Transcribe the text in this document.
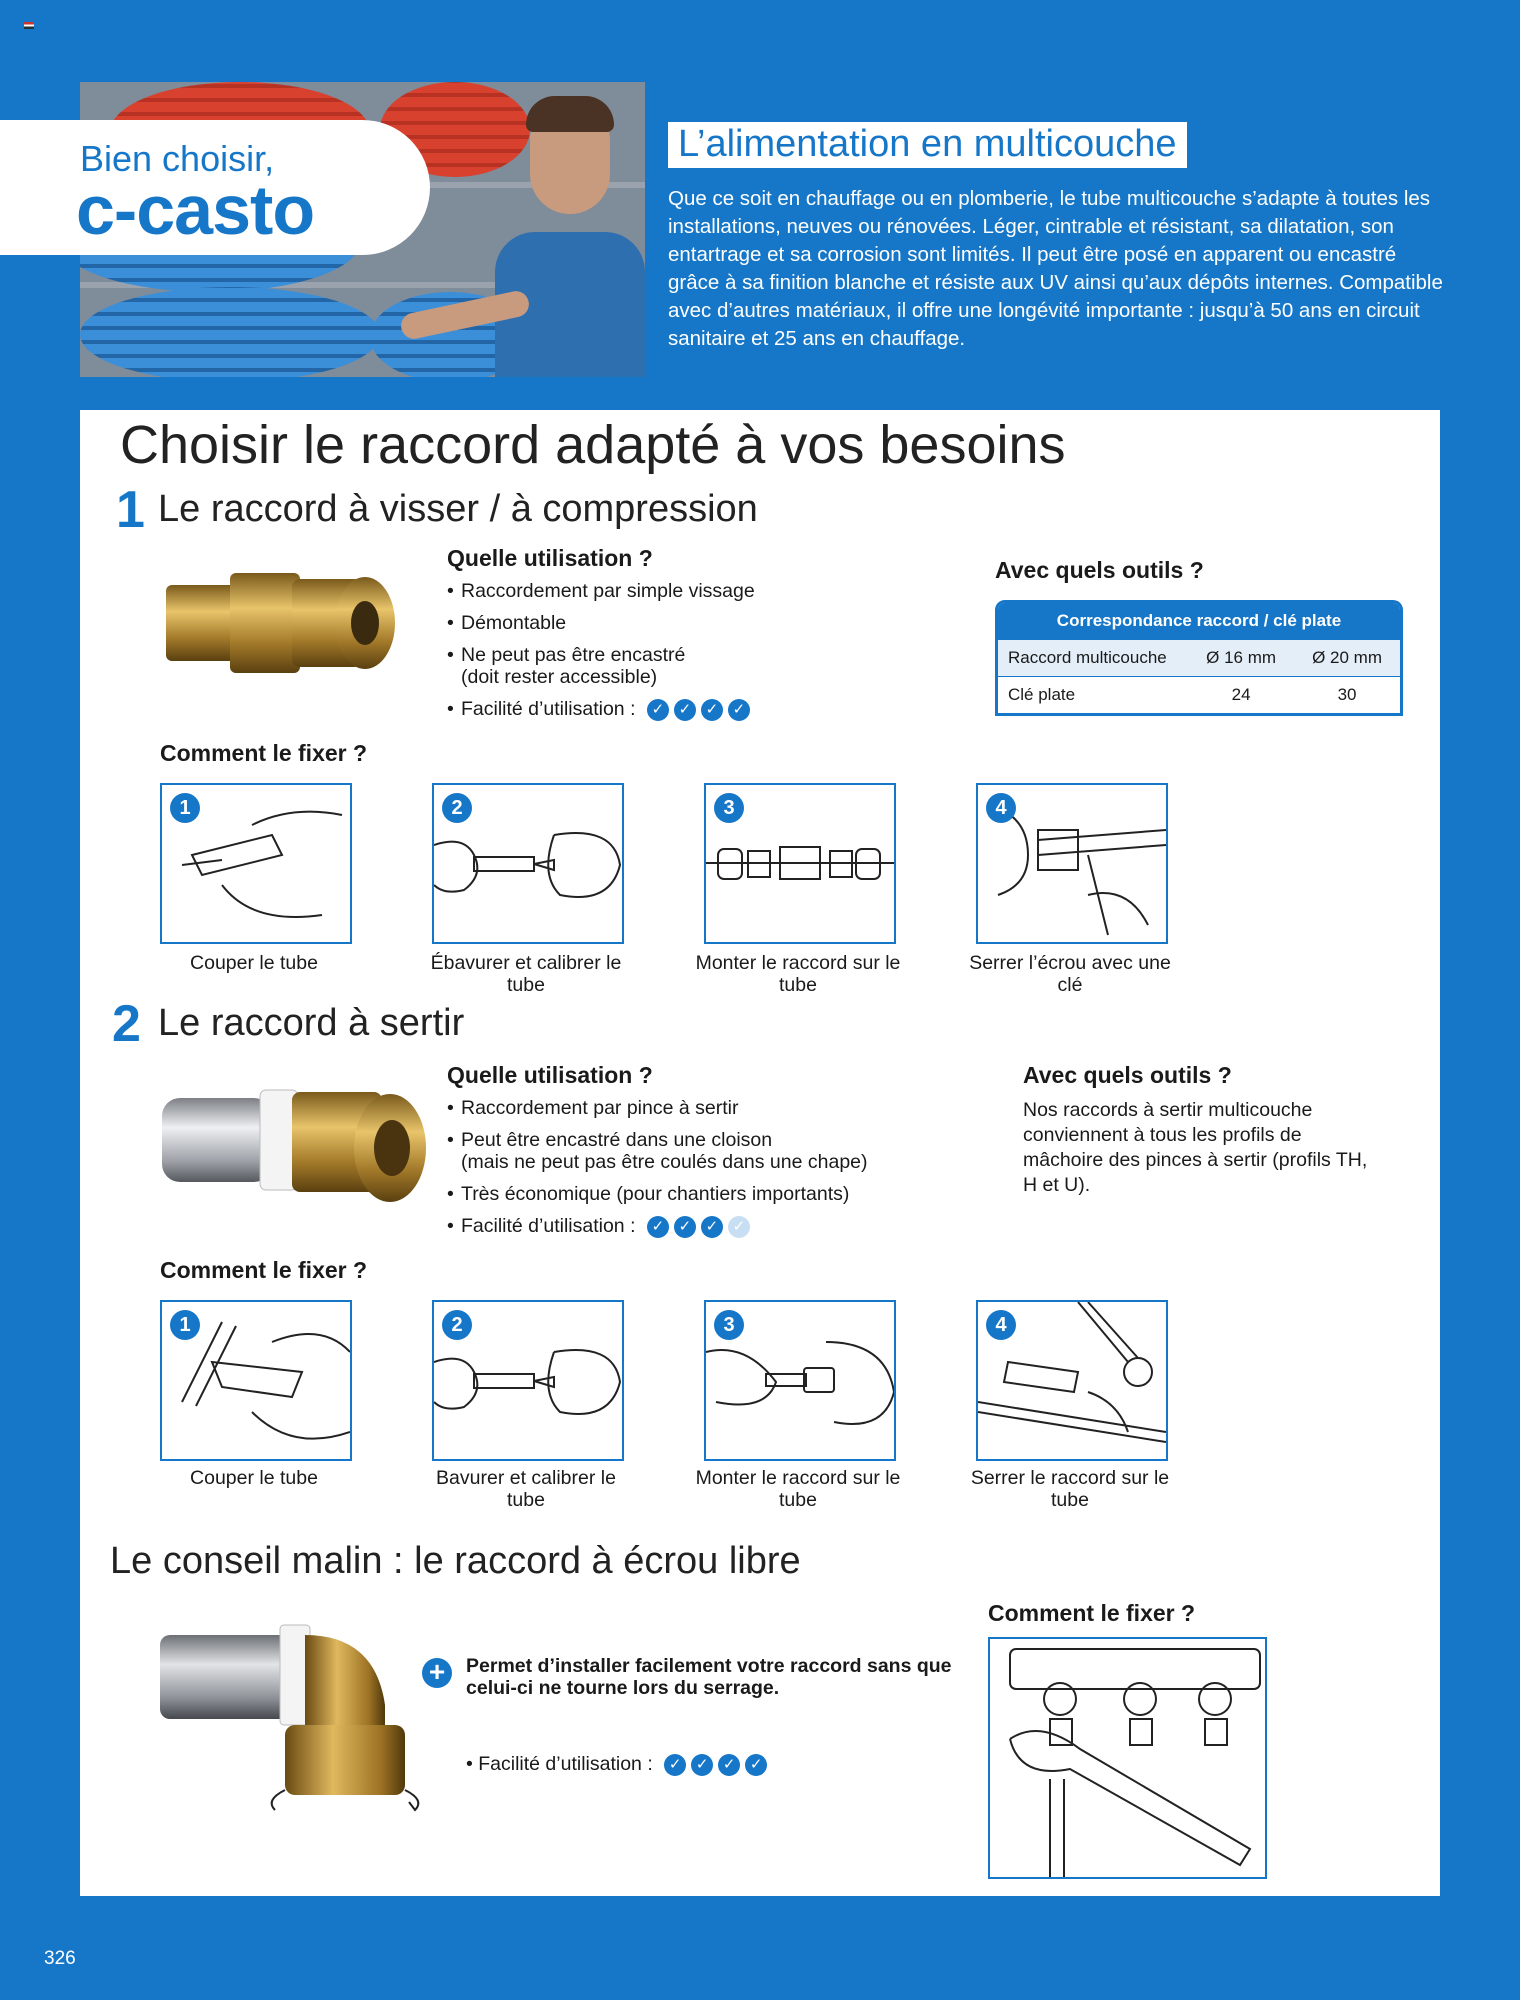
Bien choisir,
c-casto
L’alimentation en multicouche
Que ce soit en chauffage ou en plomberie, le tube multicouche s’adapte à toutes les installations, neuves ou rénovées. Léger, cintrable et résistant, sa dilatation, son entartrage et sa corrosion sont limités. Il peut être posé en apparent ou encastré grâce à sa finition blanche et résiste aux UV ainsi qu’aux dépôts internes. Compatible avec d’autres matériaux, il offre une longévité importante : jusqu’à 50 ans en circuit sanitaire et 25 ans en chauffage.
Choisir le raccord adapté à vos besoins
1 Le raccord à visser / à compression
Quelle utilisation ?
• Raccordement par simple vissage
• Démontable
• Ne peut pas être encastré
(doit rester accessible)
• Facilité d’utilisation :	✓ ✓ ✓ ✓
Avec quels outils ?
Correspondance raccord / clé plate
Raccord multicouche	Ø 16 mm	Ø 20 mm
Clé plate	24	30
Comment le fixer ?
1
Couper le tube
2
Ébavurer et calibrer le tube
3
Monter le raccord sur le tube
4
Serrer l’écrou avec une clé
2 Le raccord à sertir
Quelle utilisation ?
• Raccordement par pince à sertir
• Peut être encastré dans une cloison
(mais ne peut pas être coulés dans une chape)
• Très économique (pour chantiers importants)
• Facilité d’utilisation :	✓ ✓ ✓ ✓
Avec quels outils ?
Nos raccords à sertir multicouche conviennent à tous les profils de mâchoire des pinces à sertir (profils TH, H et U).
Comment le fixer ?
1
Couper le tube
2
Bavurer et calibrer le tube
3
Monter le raccord sur le tube
4
Serrer le raccord sur le tube
Le conseil malin : le raccord à écrou libre
+	Permet d’installer facilement votre raccord sans que celui-ci ne tourne lors du serrage.
• Facilité d’utilisation :	✓ ✓ ✓ ✓
Comment le fixer ?
326
